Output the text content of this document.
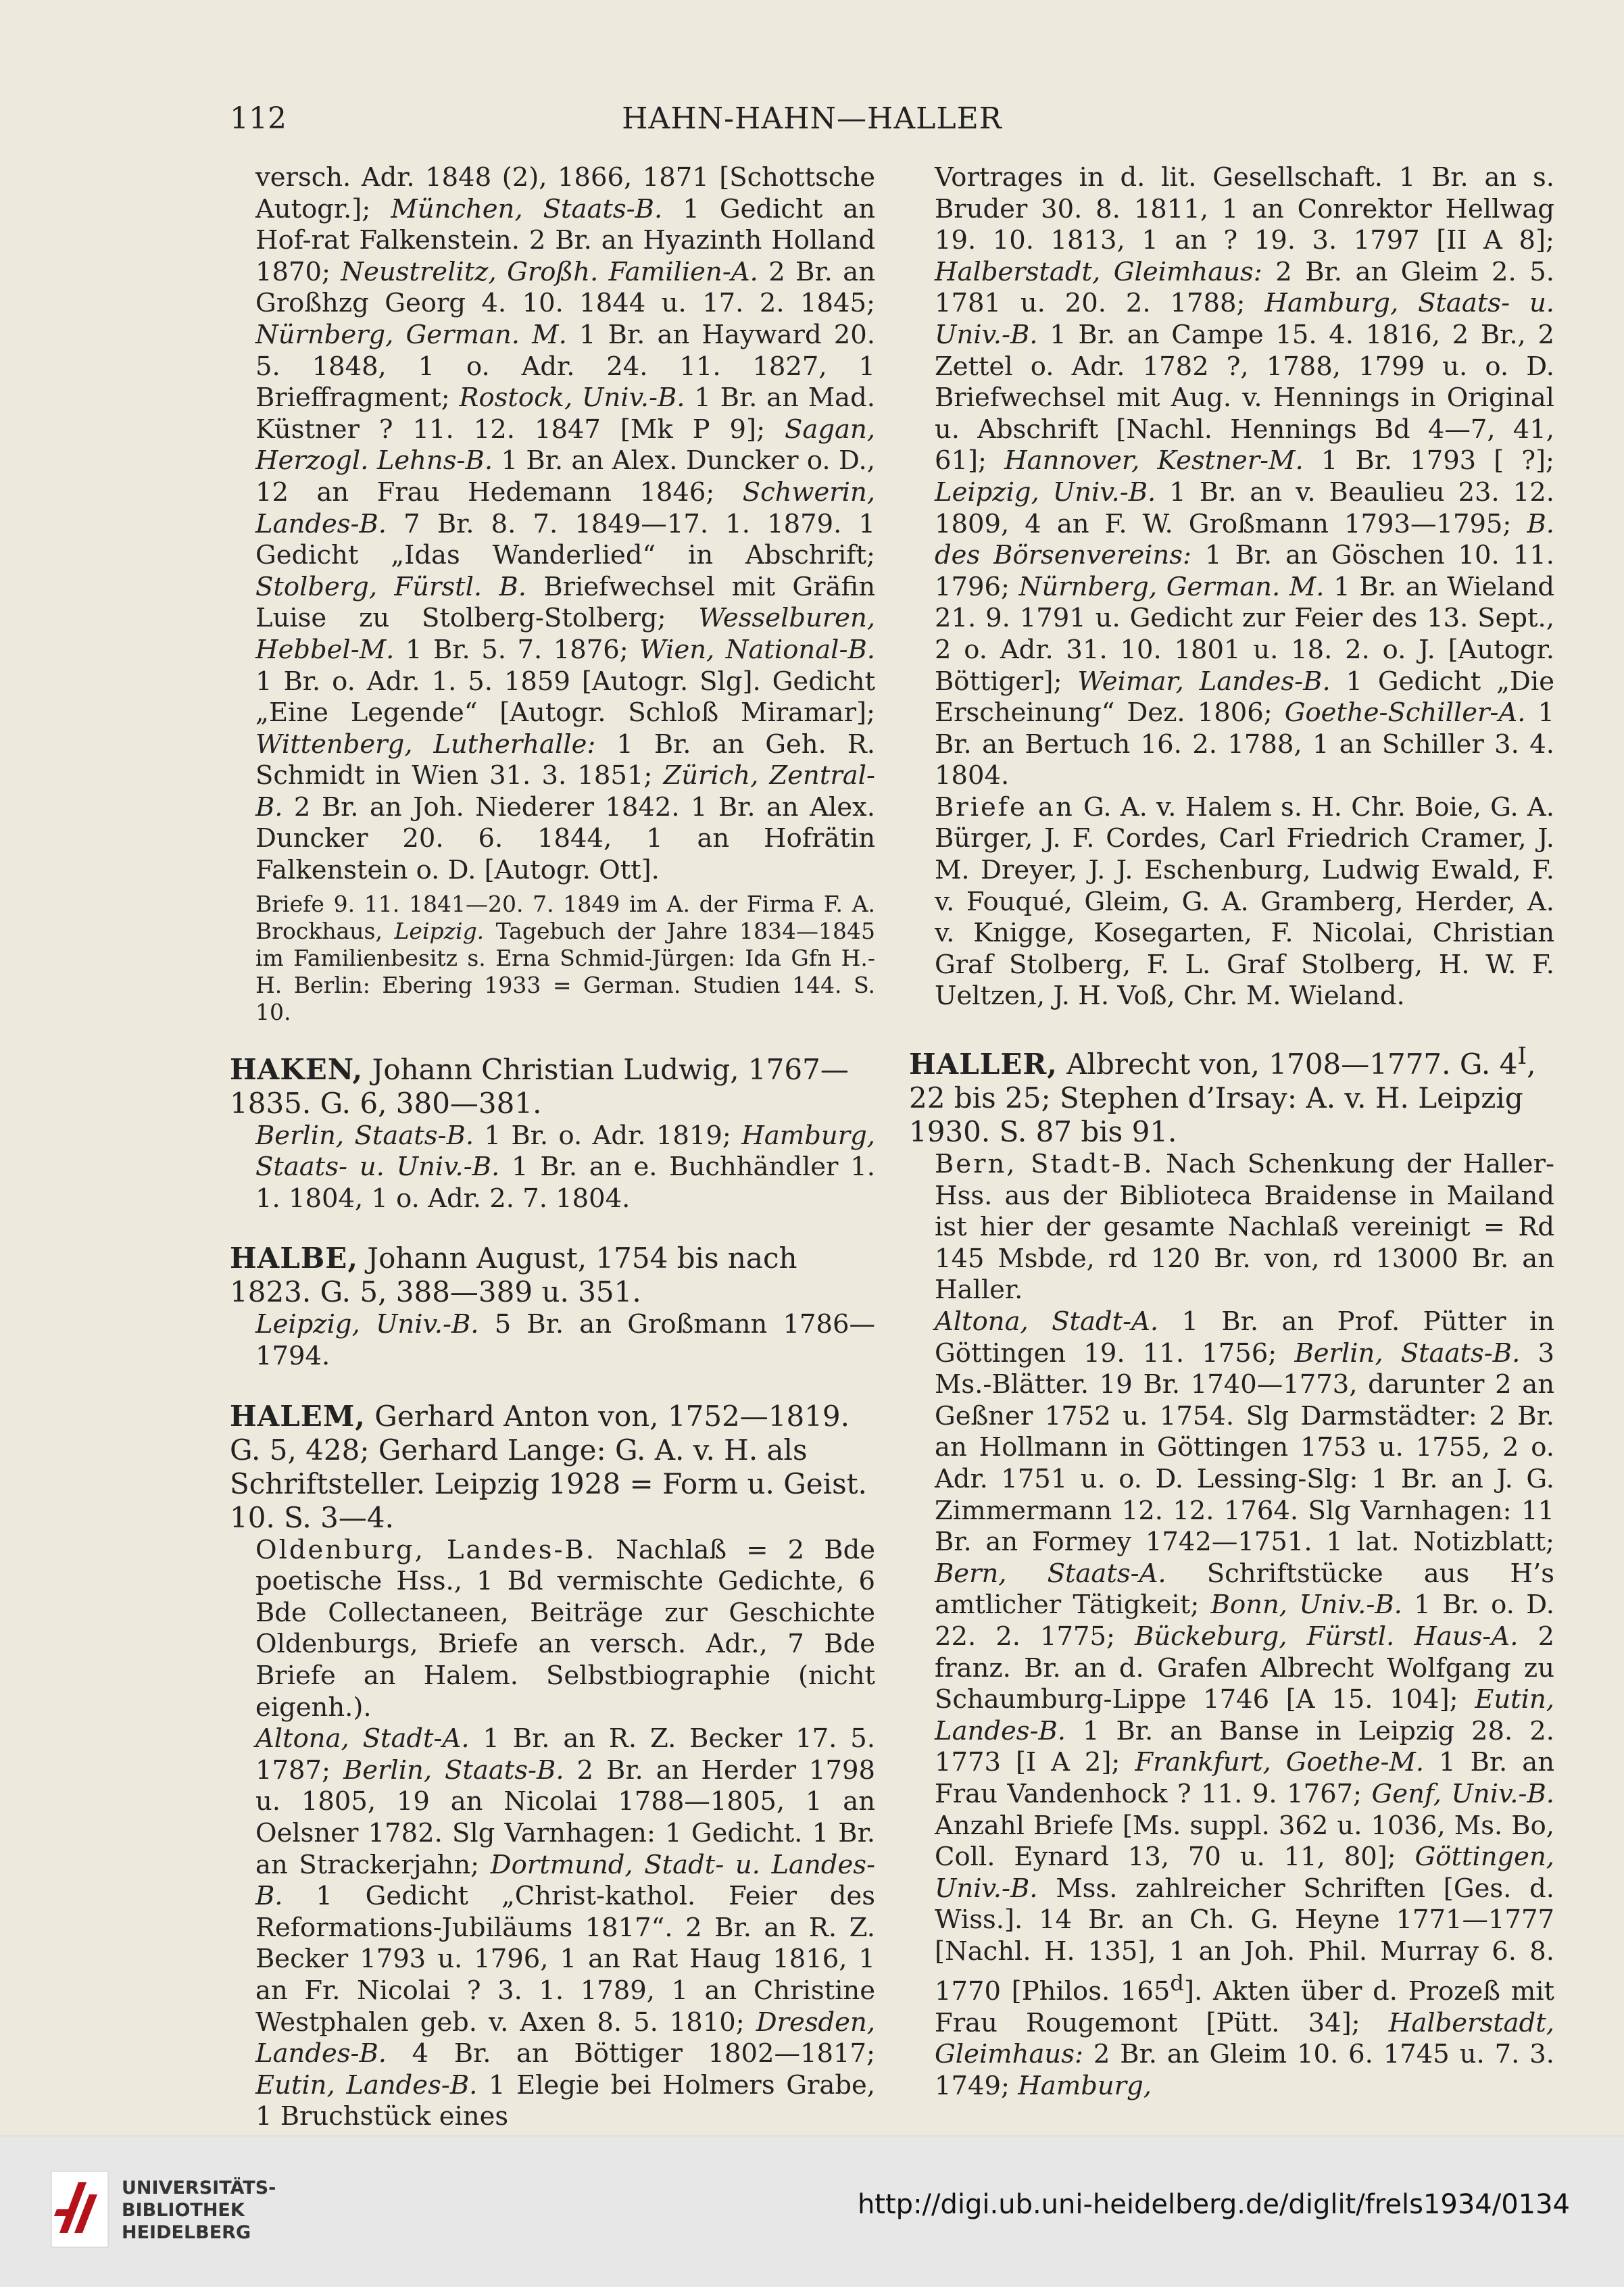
112	HAHN-HAHN—HALLER

versch. Adr. 1848 (2), 1866, 1871 [Schottsche Autogr.]; München, Staats-B. 1 Gedicht an Hof-rat Falkenstein. 2 Br. an Hyazinth Holland 1870; Neustrelitz, Großh. Familien-A. 2 Br. an Großhzg Georg 4. 10. 1844 u. 17. 2. 1845; Nürnberg, German. M. 1 Br. an Hayward 20. 5. 1848, 1 o. Adr. 24. 11. 1827, 1 Brieffragment; Rostock, Univ.-B. 1 Br. an Mad. Küstner ? 11. 12. 1847 [Mk P 9]; Sagan, Herzogl. Lehns-B. 1 Br. an Alex. Duncker o. D., 12 an Frau Hedemann 1846; Schwerin, Landes-B. 7 Br. 8. 7. 1849—17. 1. 1879. 1 Gedicht „Idas Wanderlied“ in Abschrift; Stolberg, Fürstl. B. Briefwechsel mit Gräfin Luise zu Stolberg-Stolberg; Wesselburen, Hebbel-M. 1 Br. 5. 7. 1876; Wien, National-B. 1 Br. o. Adr. 1. 5. 1859 [Autogr. Slg]. Gedicht „Eine Legende“ [Autogr. Schloß Miramar]; Wittenberg, Lutherhalle: 1 Br. an Geh. R. Schmidt in Wien 31. 3. 1851; Zürich, Zentral-B. 2 Br. an Joh. Niederer 1842. 1 Br. an Alex. Duncker 20. 6. 1844, 1 an Hofrätin Falkenstein o. D. [Autogr. Ott].

Briefe 9. 11. 1841—20. 7. 1849 im A. der Firma F. A. Brockhaus, Leipzig. Tagebuch der Jahre 1834—1845 im Familienbesitz s. Erna Schmid-Jürgen: Ida Gfn H.-H. Berlin: Ebering 1933 = German. Studien 144. S. 10.

HAKEN, Johann Christian Ludwig, 1767—1835. G. 6, 380—381.

Berlin, Staats-B. 1 Br. o. Adr. 1819; Hamburg, Staats- u. Univ.-B. 1 Br. an e. Buchhändler 1. 1. 1804, 1 o. Adr. 2. 7. 1804.

HALBE, Johann August, 1754 bis nach 1823. G. 5, 388—389 u. 351.

Leipzig, Univ.-B. 5 Br. an Großmann 1786—1794.

HALEM, Gerhard Anton von, 1752—1819. G. 5, 428; Gerhard Lange: G. A. v. H. als Schriftsteller. Leipzig 1928 = Form u. Geist. 10. S. 3—4.

Oldenburg, Landes-B. Nachlaß = 2 Bde poetische Hss., 1 Bd vermischte Gedichte, 6 Bde Collectaneen, Beiträge zur Geschichte Oldenburgs, Briefe an versch. Adr., 7 Bde Briefe an Halem. Selbstbiographie (nicht eigenh.).

Altona, Stadt-A. 1 Br. an R. Z. Becker 17. 5. 1787; Berlin, Staats-B. 2 Br. an Herder 1798 u. 1805, 19 an Nicolai 1788—1805, 1 an Oelsner 1782. Slg Varnhagen: 1 Gedicht. 1 Br. an Strackerjahn; Dortmund, Stadt- u. Landes-B. 1 Gedicht „Christ-kathol. Feier des Reformations-Jubiläums 1817“. 2 Br. an R. Z. Becker 1793 u. 1796, 1 an Rat Haug 1816, 1 an Fr. Nicolai ? 3. 1. 1789, 1 an Christine Westphalen geb. v. Axen 8. 5. 1810; Dresden, Landes-B. 4 Br. an Böttiger 1802—1817; Eutin, Landes-B. 1 Elegie bei Holmers Grabe, 1 Bruchstück eines

Vortrages in d. lit. Gesellschaft. 1 Br. an s. Bruder 30. 8. 1811, 1 an Conrektor Hellwag 19. 10. 1813, 1 an ? 19. 3. 1797 [II A 8]; Halberstadt, Gleimhaus: 2 Br. an Gleim 2. 5. 1781 u. 20. 2. 1788; Hamburg, Staats- u. Univ.-B. 1 Br. an Campe 15. 4. 1816, 2 Br., 2 Zettel o. Adr. 1782 ?, 1788, 1799 u. o. D. Briefwechsel mit Aug. v. Hennings in Original u. Abschrift [Nachl. Hennings Bd 4—7, 41, 61]; Hannover, Kestner-M. 1 Br. 1793 [ ?]; Leipzig, Univ.-B. 1 Br. an v. Beaulieu 23. 12. 1809, 4 an F. W. Großmann 1793—1795; B. des Börsenvereins: 1 Br. an Göschen 10. 11. 1796; Nürnberg, German. M. 1 Br. an Wieland 21. 9. 1791 u. Gedicht zur Feier des 13. Sept., 2 o. Adr. 31. 10. 1801 u. 18. 2. o. J. [Autogr. Böttiger]; Weimar, Landes-B. 1 Gedicht „Die Erscheinung“ Dez. 1806; Goethe-Schiller-A. 1 Br. an Bertuch 16. 2. 1788, 1 an Schiller 3. 4. 1804.

Briefe an G. A. v. Halem s. H. Chr. Boie, G. A. Bürger, J. F. Cordes, Carl Friedrich Cramer, J. M. Dreyer, J. J. Eschenburg, Ludwig Ewald, F. v. Fouqué, Gleim, G. A. Gramberg, Herder, A. v. Knigge, Kosegarten, F. Nicolai, Christian Graf Stolberg, F. L. Graf Stolberg, H. W. F. Ueltzen, J. H. Voß, Chr. M. Wieland.

HALLER, Albrecht von, 1708—1777. G. $4^I$, 22 bis 25; Stephen d’Irsay: A. v. H. Leipzig 1930. S. 87 bis 91.

Bern, Stadt-B. Nach Schenkung der Haller-Hss. aus der Biblioteca Braidense in Mailand ist hier der gesamte Nachlaß vereinigt = Rd 145 Msbde, rd 120 Br. von, rd 13000 Br. an Haller.

Altona, Stadt-A. 1 Br. an Prof. Pütter in Göttingen 19. 11. 1756; Berlin, Staats-B. 3 Ms.-Blätter. 19 Br. 1740—1773, darunter 2 an Geßner 1752 u. 1754. Slg Darmstädter: 2 Br. an Hollmann in Göttingen 1753 u. 1755, 2 o. Adr. 1751 u. o. D. Lessing-Slg: 1 Br. an J. G. Zimmermann 12. 12. 1764. Slg Varnhagen: 11 Br. an Formey 1742—1751. 1 lat. Notizblatt; Bern, Staats-A. Schriftstücke aus H’s amtlicher Tätigkeit; Bonn, Univ.-B. 1 Br. o. D. 22. 2. 1775; Bückeburg, Fürstl. Haus-A. 2 franz. Br. an d. Grafen Albrecht Wolfgang zu Schaumburg-Lippe 1746 [A 15. 104]; Eutin, Landes-B. 1 Br. an Banse in Leipzig 28. 2. 1773 [I A 2]; Frankfurt, Goethe-M. 1 Br. an Frau Vandenhock ? 11. 9. 1767; Genf, Univ.-B. Anzahl Briefe [Ms. suppl. 362 u. 1036, Ms. Bo, Coll. Eynard 13, 70 u. 11, 80]; Göttingen, Univ.-B. Mss. zahlreicher Schriften [Ges. d. Wiss.]. 14 Br. an Ch. G. Heyne 1771—1777 [Nachl. H. 135], 1 an Joh. Phil. Murray 6. 8. 1770 [Philos. 165$^d$]. Akten über d. Prozeß mit Frau Rougemont [Pütt. 34]; Halberstadt, Gleimhaus: 2 Br. an Gleim 10. 6. 1745 u. 7. 3. 1749; Hamburg,

UNIVERSITÄTS-
BIBLIOTHEK
HEIDELBERG
http://digi.ub.uni-heidelberg.de/diglit/frels1934/0134
